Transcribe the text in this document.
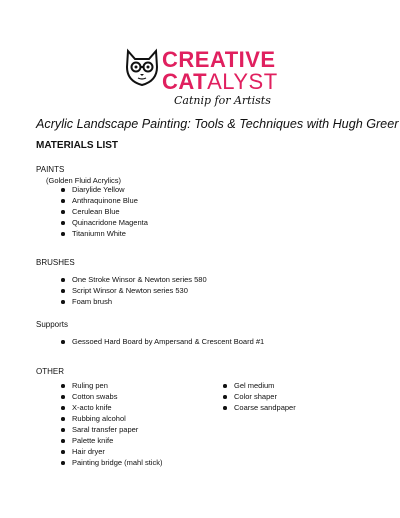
CREATIVE
CATALYST
Catnip for Artists
Acrylic Landscape Painting: Tools & Techniques with Hugh Greer
MATERIALS LIST
PAINTS
(Golden Fluid Acrylics)
Diarylide Yellow
Anthraquinone Blue
Cerulean Blue
Quinacridone Magenta
Titaniumn White
BRUSHES
One Stroke Winsor & Newton series 580
Script Winsor & Newton series 530
Foam brush
Supports
Gessoed Hard Board by Ampersand & Crescent Board #1
OTHER
Ruling pen
Cotton swabs
X-acto knife
Rubbing alcohol
Saral transfer paper
Palette knife
Hair dryer
Painting bridge (mahl stick)
Gel medium
Color shaper
Coarse sandpaper
